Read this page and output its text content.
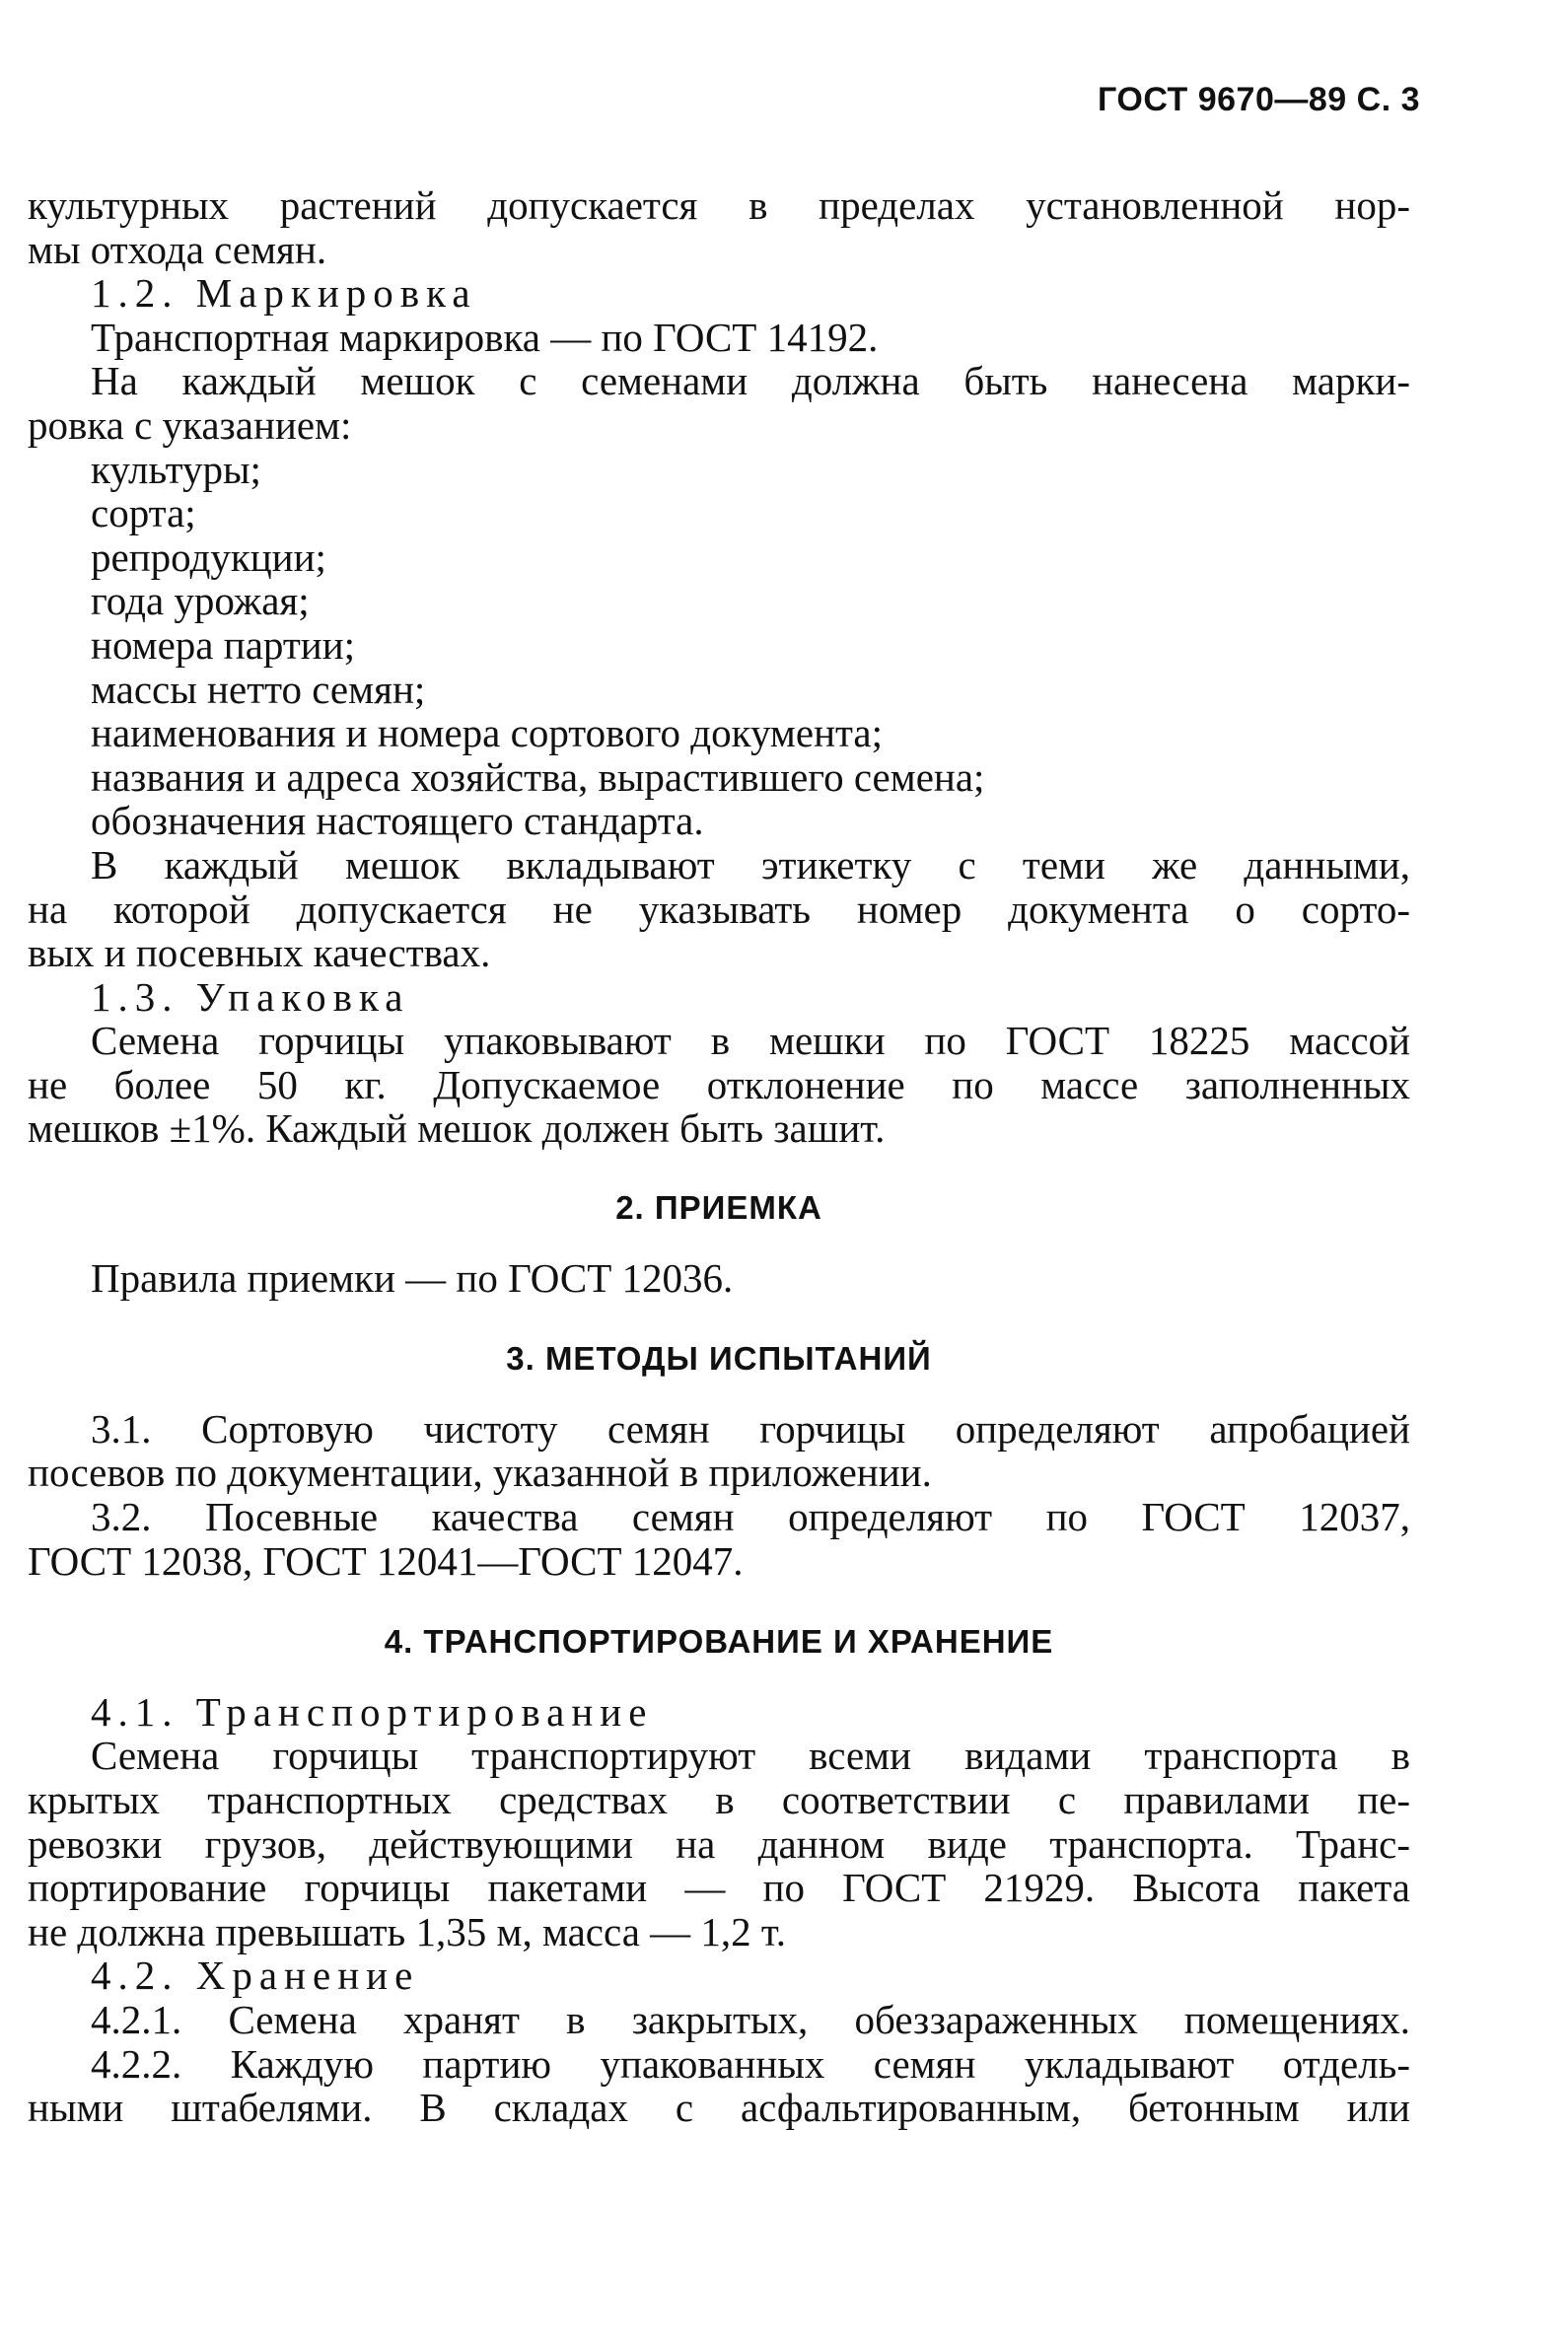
ГОСТ 9670—89 С. 3
культурных растений допускается в пределах установленной нор-
мы отхода семян.
1.2. Маркировка
Транспортная маркировка — по ГОСТ 14192.
На каждый мешок с семенами должна быть нанесена марки-
ровка с указанием:
культуры;
сорта;
репродукции;
года урожая;
номера партии;
массы нетто семян;
наименования и номера сортового документа;
названия и адреса хозяйства, вырастившего семена;
обозначения настоящего стандарта.
В каждый мешок вкладывают этикетку с теми же данными,
на которой допускается не указывать номер документа о сорто-
вых и посевных качествах.
1.3. Упаковка
Семена горчицы упаковывают в мешки по ГОСТ 18225 массой
не более 50 кг. Допускаемое отклонение по массе заполненных
мешков ±1%. Каждый мешок должен быть зашит.
2. ПРИЕМКА
Правила приемки — по ГОСТ 12036.
3. МЕТОДЫ ИСПЫТАНИЙ
3.1. Сортовую чистоту семян горчицы определяют апробацией
посевов по документации, указанной в приложении.
3.2. Посевные качества семян определяют по ГОСТ 12037,
ГОСТ 12038, ГОСТ 12041—ГОСТ 12047.
4. ТРАНСПОРТИРОВАНИЕ И ХРАНЕНИЕ
4.1. Транспортирование
Семена горчицы транспортируют всеми видами транспорта в
крытых транспортных средствах в соответствии с правилами пе-
ревозки грузов, действующими на данном виде транспорта. Транс-
портирование горчицы пакетами — по ГОСТ 21929. Высота пакета
не должна превышать 1,35 м, масса — 1,2 т.
4.2. Хранение
4.2.1. Семена хранят в закрытых, обеззараженных помещениях.
4.2.2. Каждую партию упакованных семян укладывают отдель-
ными штабелями. В складах с асфальтированным, бетонным или
